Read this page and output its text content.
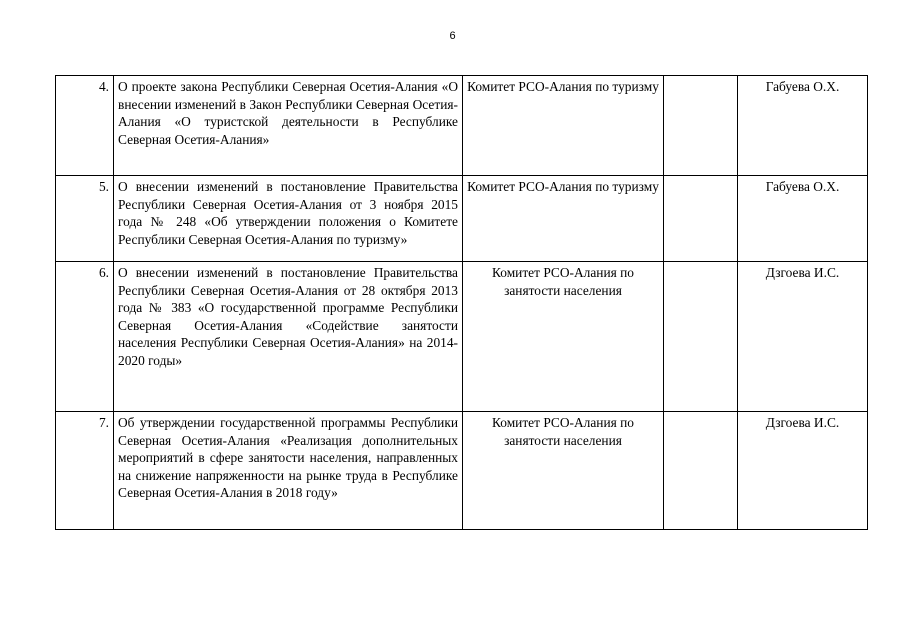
6
4.	О проекте закона Республики Северная Осетия-Алания «О внесении изменений в Закон Республики Северная Осетия-Алания «О туристской деятельности в Республике Северная Осетия-Алания»	Комитет РСО-Алания по туризму		Габуева О.Х.
5.	О внесении изменений в постановление Правительства Республики Северная Осетия-Алания от 3 ноября 2015 года № 248 «Об утверждении положения о Комитете Республики Северная Осетия-Алания по туризму»	Комитет РСО-Алания по туризму		Габуева О.Х.
6.	О внесении изменений в постановление Правительства Республики Северная Осетия-Алания от 28 октября 2013 года № 383 «О государственной программе Республики Северная Осетия-Алания «Содействие занятости населения Республики Северная Осетия-Алания» на 2014-2020 годы»	Комитет РСО-Алания по занятости населения		Дзгоева И.С.
7.	Об утверждении государственной программы Республики Северная Осетия-Алания «Реализация дополнительных мероприятий в сфере занятости населения, направленных на снижение напряженности на рынке труда в Республике Северная Осетия-Алания в 2018 году»	Комитет РСО-Алания по занятости населения		Дзгоева И.С.
